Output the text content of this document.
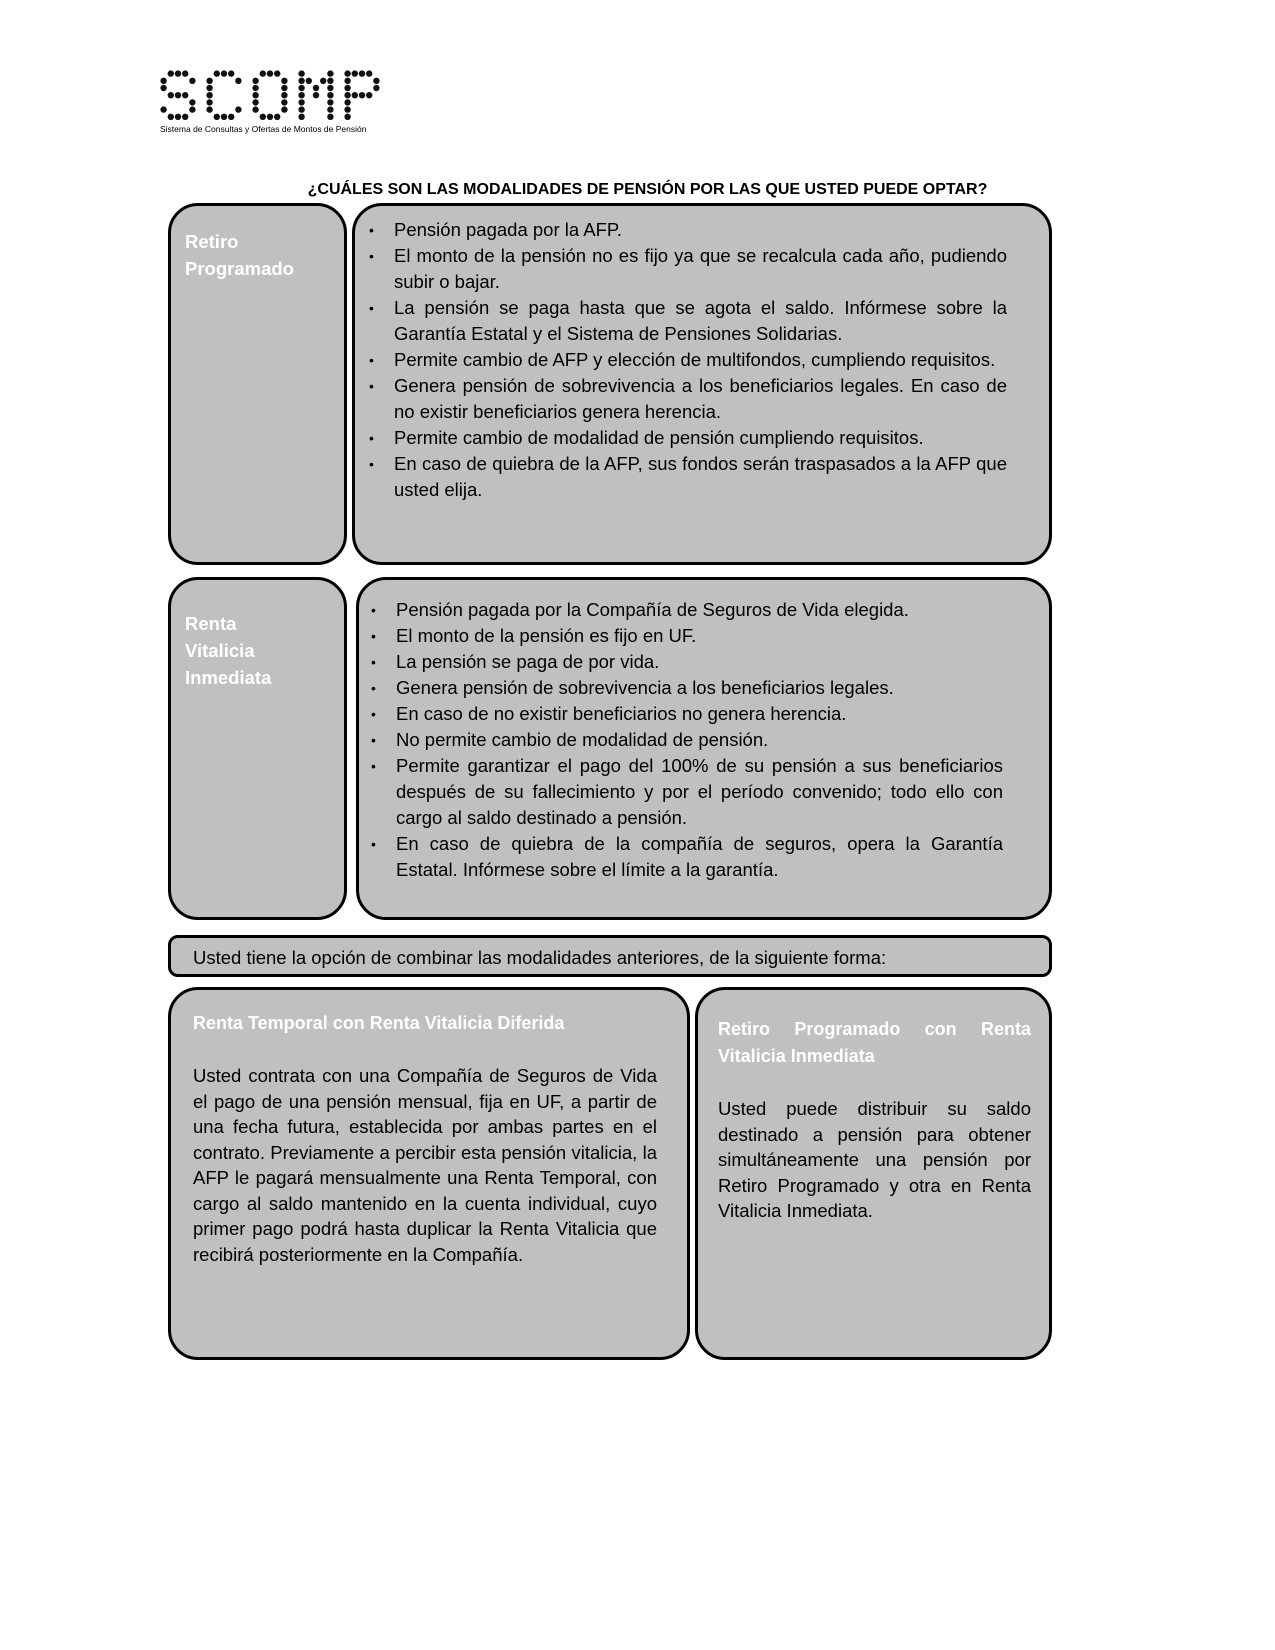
Sistema de Consultas y Ofertas de Montos de Pensión
¿CUÁLES SON LAS MODALIDADES DE PENSIÓN POR LAS QUE USTED PUEDE OPTAR?
Retiro
Programado
• Pensión pagada por la AFP.
• El monto de la pensión no es fijo ya que se recalcula cada año, pudiendo subir o bajar.
• La pensión se paga hasta que se agota el saldo. Infórmese sobre la Garantía Estatal y el Sistema de Pensiones Solidarias.
• Permite cambio de AFP y elección de multifondos, cumpliendo requisitos.
• Genera pensión de sobrevivencia a los beneficiarios legales. En caso de no existir beneficiarios genera herencia.
• Permite cambio de modalidad de pensión cumpliendo requisitos.
• En caso de quiebra de la AFP, sus fondos serán traspasados a la AFP que usted elija.
Renta
Vitalicia
Inmediata
• Pensión pagada por la Compañía de Seguros de Vida elegida.
• El monto de la pensión es fijo en UF.
• La pensión se paga de por vida.
• Genera pensión de sobrevivencia a los beneficiarios legales.
• En caso de no existir beneficiarios no genera herencia.
• No permite cambio de modalidad de pensión.
• Permite garantizar el pago del 100% de su pensión a sus beneficiarios después de su fallecimiento y por el período convenido; todo ello con cargo al saldo destinado a pensión.
• En caso de quiebra de la compañía de seguros, opera la Garantía Estatal. Infórmese sobre el límite a la garantía.
Usted tiene la opción de combinar las modalidades anteriores, de la siguiente forma:
Renta Temporal con Renta Vitalicia Diferida
Usted contrata con una Compañía de Seguros de Vida el pago de una pensión mensual, fija en UF, a partir de una fecha futura, establecida por ambas partes en el contrato. Previamente a percibir esta pensión vitalicia, la AFP le pagará mensualmente una Renta Temporal, con cargo al saldo mantenido en la cuenta individual, cuyo primer pago podrá hasta duplicar la Renta Vitalicia que recibirá posteriormente en la Compañía.
Retiro Programado con Renta Vitalicia Inmediata
Usted puede distribuir su saldo destinado a pensión para obtener simultáneamente una pensión por Retiro Programado y otra en Renta Vitalicia Inmediata.
